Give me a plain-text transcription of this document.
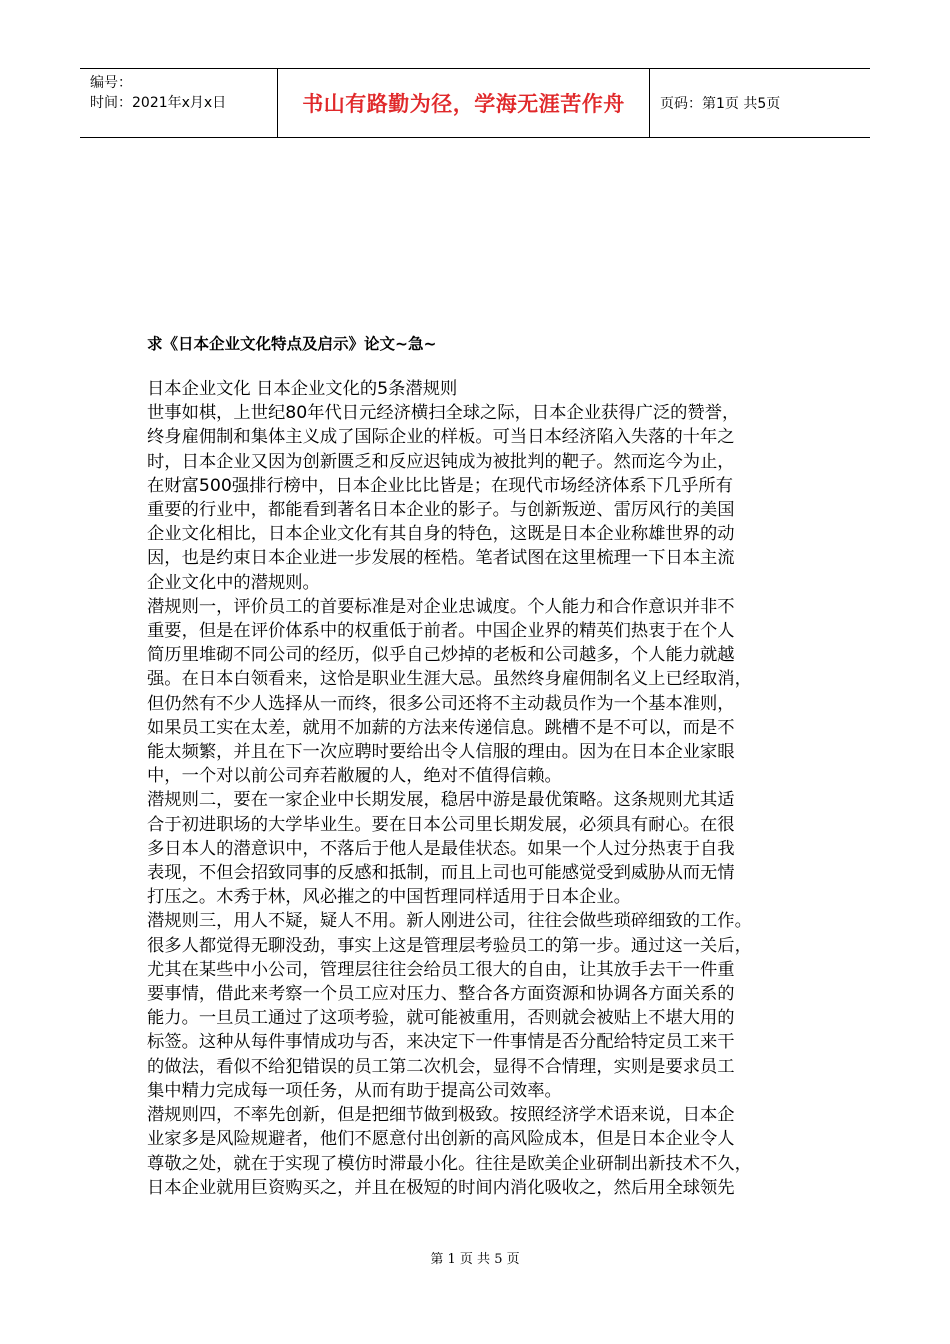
编号：
时间：2021年x月x日	书山有路勤为径，学海无涯苦作舟	页码：第1页 共5页
求《日本企业文化特点及启示》论文~急~

日本企业文化 日本企业文化的5条潜规则

世事如棋，上世纪80年代日元经济横扫全球之际，日本企业获得广泛的赞誉，

终身雇佣制和集体主义成了国际企业的样板。可当日本经济陷入失落的十年之

时，日本企业又因为创新匮乏和反应迟钝成为被批判的靶子。然而迄今为止，

在财富500强排行榜中，日本企业比比皆是；在现代市场经济体系下几乎所有

重要的行业中，都能看到著名日本企业的影子。与创新叛逆、雷厉风行的美国

企业文化相比，日本企业文化有其自身的特色，这既是日本企业称雄世界的动

因，也是约束日本企业进一步发展的桎梏。笔者试图在这里梳理一下日本主流

企业文化中的潜规则。

潜规则一，评价员工的首要标准是对企业忠诚度。个人能力和合作意识并非不

重要，但是在评价体系中的权重低于前者。中国企业界的精英们热衷于在个人

简历里堆砌不同公司的经历，似乎自己炒掉的老板和公司越多，个人能力就越

强。在日本白领看来，这恰是职业生涯大忌。虽然终身雇佣制名义上已经取消，

但仍然有不少人选择从一而终，很多公司还将不主动裁员作为一个基本准则，

如果员工实在太差，就用不加薪的方法来传递信息。跳槽不是不可以，而是不

能太频繁，并且在下一次应聘时要给出令人信服的理由。因为在日本企业家眼

中，一个对以前公司弃若敝履的人，绝对不值得信赖。

潜规则二，要在一家企业中长期发展，稳居中游是最优策略。这条规则尤其适

合于初进职场的大学毕业生。要在日本公司里长期发展，必须具有耐心。在很

多日本人的潜意识中，不落后于他人是最佳状态。如果一个人过分热衷于自我

表现，不但会招致同事的反感和抵制，而且上司也可能感觉受到威胁从而无情

打压之。木秀于林，风必摧之的中国哲理同样适用于日本企业。

潜规则三，用人不疑，疑人不用。新人刚进公司，往往会做些琐碎细致的工作。

很多人都觉得无聊没劲，事实上这是管理层考验员工的第一步。通过这一关后，

尤其在某些中小公司，管理层往往会给员工很大的自由，让其放手去干一件重

要事情，借此来考察一个员工应对压力、整合各方面资源和协调各方面关系的

能力。一旦员工通过了这项考验，就可能被重用，否则就会被贴上不堪大用的

标签。这种从每件事情成功与否，来决定下一件事情是否分配给特定员工来干

的做法，看似不给犯错误的员工第二次机会，显得不合情理，实则是要求员工

集中精力完成每一项任务，从而有助于提高公司效率。

潜规则四，不率先创新，但是把细节做到极致。按照经济学术语来说，日本企

业家多是风险规避者，他们不愿意付出创新的高风险成本，但是日本企业令人

尊敬之处，就在于实现了模仿时滞最小化。往往是欧美企业研制出新技术不久，

日本企业就用巨资购买之，并且在极短的时间内消化吸收之，然后用全球领先

第 1 页 共 5 页
